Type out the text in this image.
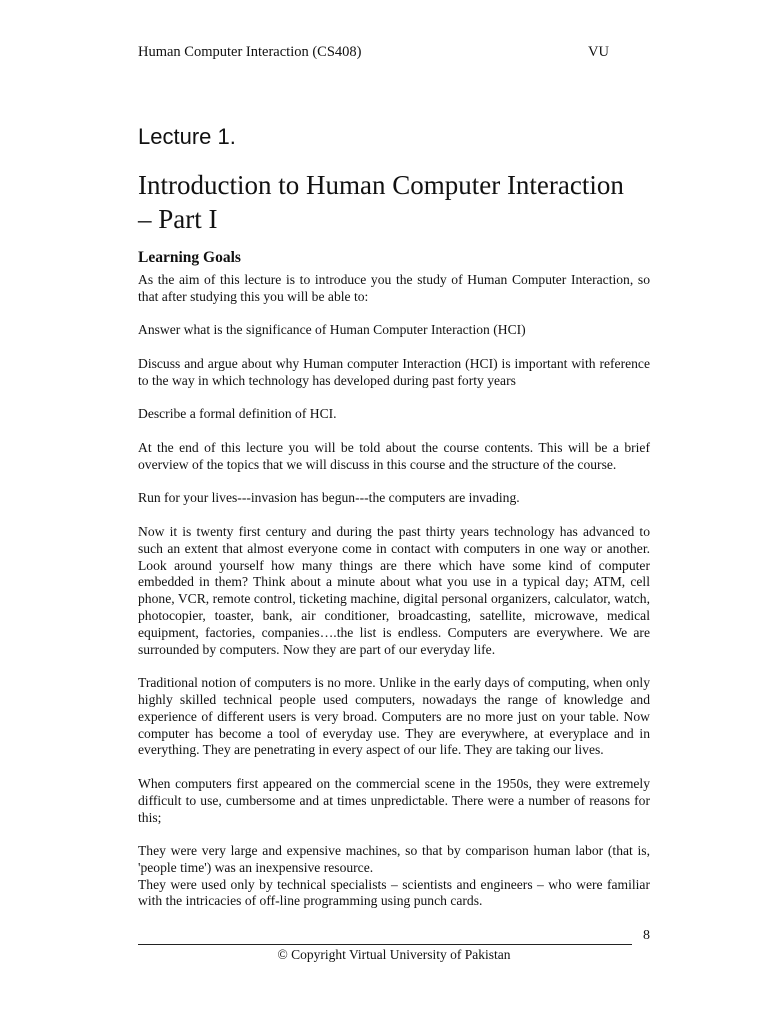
Human Computer Interaction (CS408)	VU
Lecture 1.
Introduction to Human Computer Interaction
– Part I
Learning Goals

As the aim of this lecture is to introduce you the study of Human Computer Interaction, so that after studying this you will be able to:

Answer what is the significance of Human Computer Interaction (HCI)

Discuss and argue about why Human computer Interaction (HCI) is important with reference to the way in which technology has developed during past forty years

Describe a formal definition of HCI.

At the end of this lecture you will be told about the course contents. This will be a brief overview of the topics that we will discuss in this course and the structure of the course.

Run for your lives---invasion has begun---the computers are invading.

Now it is twenty first century and during the past thirty years technology has advanced to such an extent that almost everyone come in contact with computers in one way or another. Look around yourself how many things are there which have some kind of computer embedded in them? Think about a minute about what you use in a typical day; ATM, cell phone, VCR, remote control, ticketing machine, digital personal organizers, calculator, watch, photocopier, toaster, bank, air conditioner, broadcasting, satellite, microwave, medical equipment, factories, companies….the list is endless. Computers are everywhere. We are surrounded by computers. Now they are part of our everyday life.

Traditional notion of computers is no more. Unlike in the early days of computing, when only highly skilled technical people used computers, nowadays the range of knowledge and experience of different users is very broad. Computers are no more just on your table. Now computer has become a tool of everyday use. They are everywhere, at everyplace and in everything. They are penetrating in every aspect of our life. They are taking our lives.

When computers first appeared on the commercial scene in the 1950s, they were extremely difficult to use, cumbersome and at times unpredictable. There were a number of reasons for this;

They were very large and expensive machines, so that by comparison human labor (that is, 'people time') was an inexpensive resource.

They were used only by technical specialists – scientists and engineers – who were familiar with the intricacies of off-line programming using punch cards.

8
© Copyright Virtual University of Pakistan
